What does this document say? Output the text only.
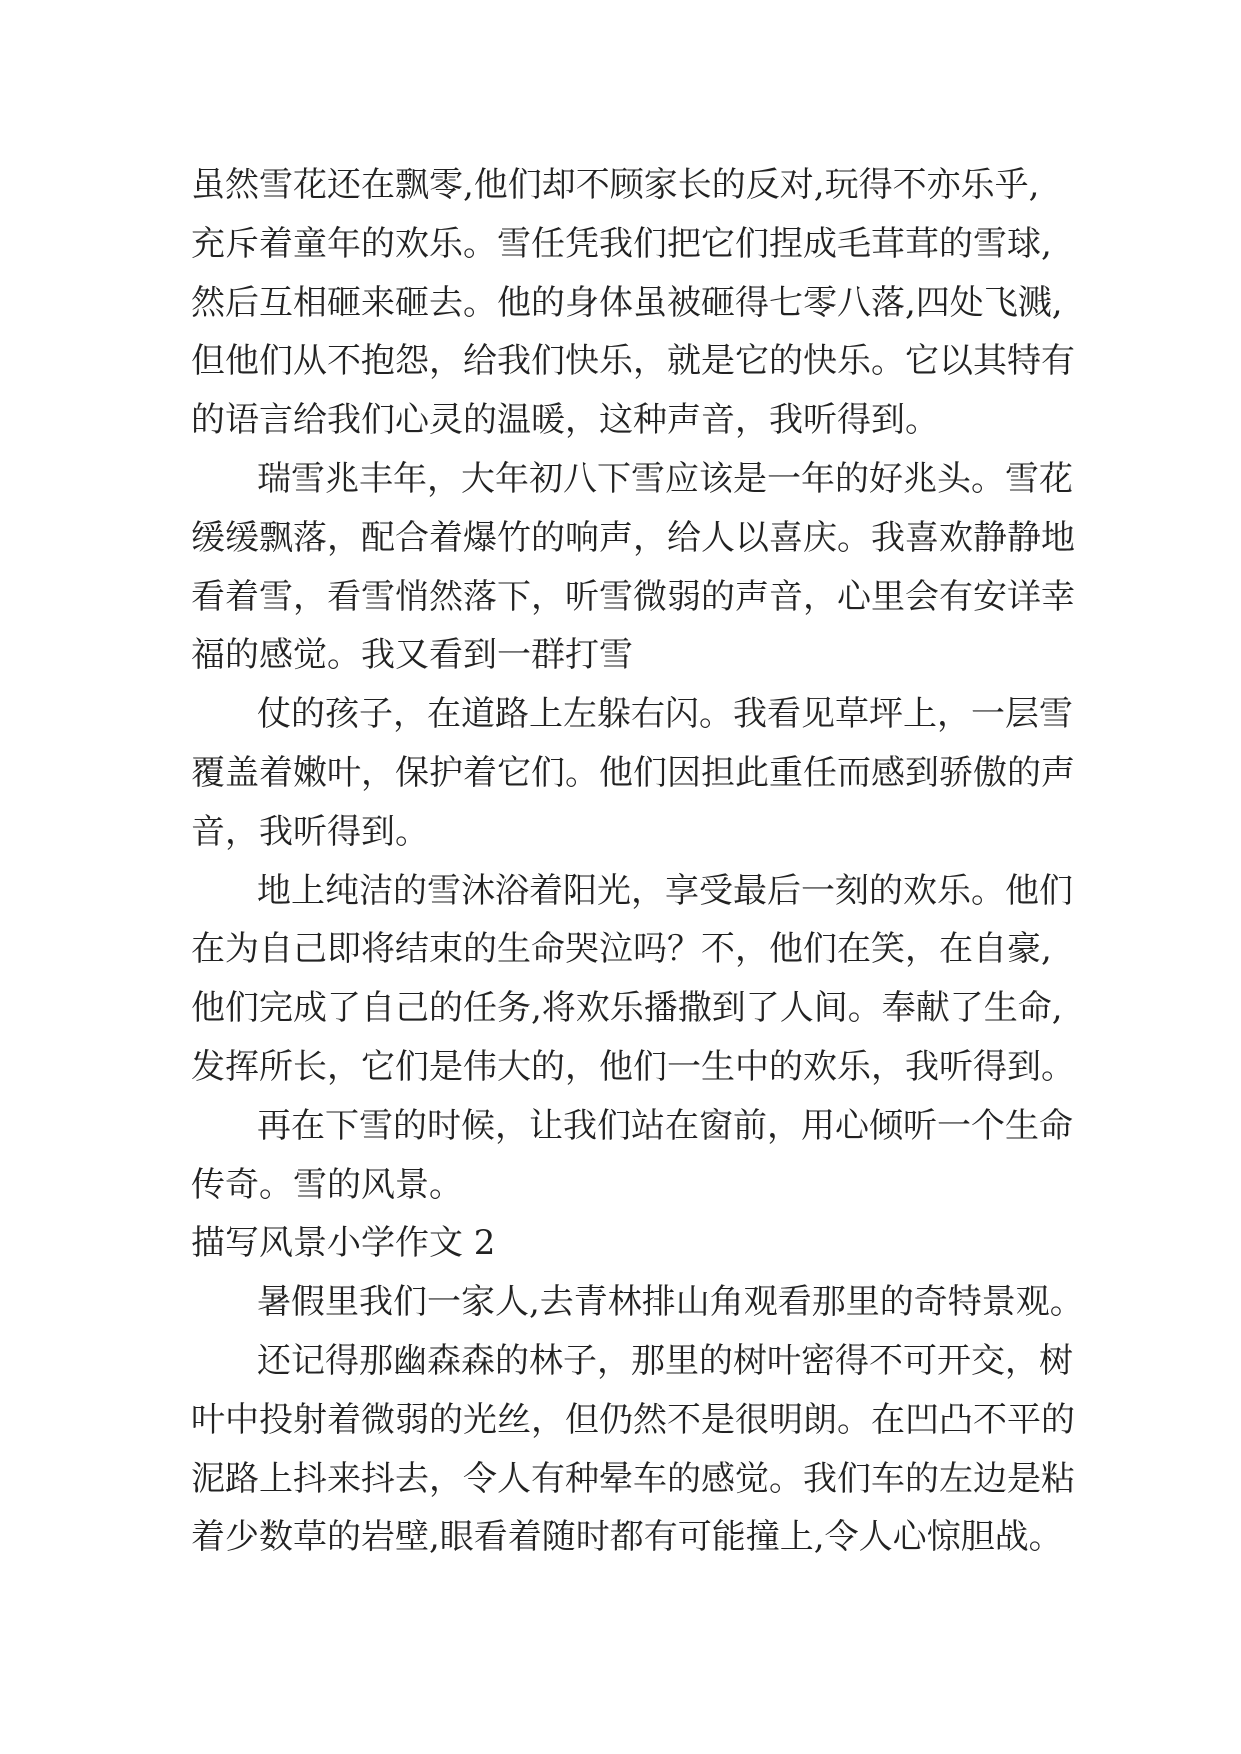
虽然雪花还在飘零,他们却不顾家长的反对,玩得不亦乐乎,
充斥着童年的欢乐。雪任凭我们把它们捏成毛茸茸的雪球,
然后互相砸来砸去。他的身体虽被砸得七零八落,四处飞溅,
但他们从不抱怨，给我们快乐，就是它的快乐。它以其特有
的语言给我们心灵的温暖，这种声音，我听得到。

瑞雪兆丰年，大年初八下雪应该是一年的好兆头。雪花
缓缓飘落，配合着爆竹的响声，给人以喜庆。我喜欢静静地
看着雪，看雪悄然落下，听雪微弱的声音，心里会有安详幸
福的感觉。我又看到一群打雪

仗的孩子，在道路上左躲右闪。我看见草坪上，一层雪
覆盖着嫩叶，保护着它们。他们因担此重任而感到骄傲的声
音，我听得到。

地上纯洁的雪沐浴着阳光，享受最后一刻的欢乐。他们
在为自己即将结束的生命哭泣吗？不，他们在笑，在自豪,
他们完成了自己的任务,将欢乐播撒到了人间。奉献了生命,
发挥所长，它们是伟大的，他们一生中的欢乐，我听得到。

再在下雪的时候，让我们站在窗前，用心倾听一个生命
传奇。雪的风景。

描写风景小学作文 2

暑假里我们一家人,去青林排山角观看那里的奇特景观。

还记得那幽森森的林子，那里的树叶密得不可开交，树
叶中投射着微弱的光丝，但仍然不是很明朗。在凹凸不平的
泥路上抖来抖去，令人有种晕车的感觉。我们车的左边是粘
着少数草的岩壁,眼看着随时都有可能撞上,令人心惊胆战。
